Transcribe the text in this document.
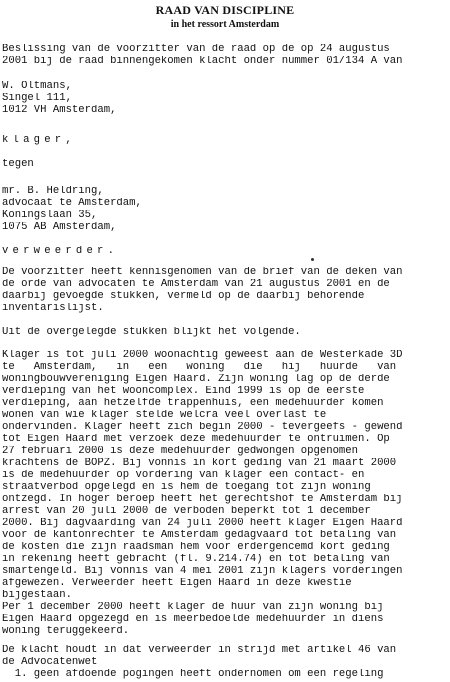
RAAD VAN DISCIPLINE
in het ressort Amsterdam
Beslissing van de voorzitter van de raad op de op 24 augustus
2001 bij de raad binnengekomen klacht onder nummer 01/134 A van
W. Oltmans,
Singel 111,
1012 VH Amsterdam,
klager,
tegen
mr. B. Heldring,
advocaat te Amsterdam,
Koningslaan 35,
1075 AB Amsterdam,
verweerder.
De voorzitter heeft kennisgenomen van de brief van de deken van
de orde van advocaten te Amsterdam van 21 augustus 2001 en de
daarbij gevoegde stukken, vermeld op de daarbij behorende
inventarislijst.
Uit de overgelegde stukken blijkt het volgende.
Klager is tot juli 2000 woonachtig geweest aan de Westerkade 3D
te   Amsterdam,   in   een   woning   die   hij   huurde   van
woningbouwvereniging Eigen Haard. Zijn woning lag op de derde
verdieping van het wooncomplex. Eind 1999 is op de eerste
verdieping, aan hetzelfde trappenhuis, een medehuurder komen
wonen van wie klager stelde welcra veel overlast te
ondervinden. Klager heeft zich begin 2000 - tevergeefs - gewend
tot Eigen Haard met verzoek deze medehuurder te ontruimen. Op
27 februari 2000 is deze medehuurder gedwongen opgenomen
krachtens de BOPZ. Bij vonnis in kort geding van 21 maart 2000
is de medehuurder op vordering van klager een contact- en
straatverbod opgelegd en is hem de toegang tot zijn woning
ontzegd. In hoger beroep heeft het gerechtshof te Amsterdam bij
arrest van 20 juli 2000 de verboden beperkt tot 1 december
2000. Bij dagvaarding van 24 juli 2000 heeft klager Eigen Haard
voor de kantonrechter te Amsterdam gedagvaard tot betaling van
de kosten die zijn raadsman hem voor erdergencemd kort geding
in rekening heeft gebracht (fl. 9.214.74) en tot betaling van
smartengeld. Bij vonnis van 4 mei 2001 zijn klagers vorderingen
afgewezen. Verweerder heeft Eigen Haard in deze kwestie
bijgestaan.
Per 1 december 2000 heeft klager de huur van zijn woning bij
Eigen Haard opgezegd en is meerbedoelde medehuurder in diens
woning teruggekeerd.
De klacht houdt in dat verweerder in strijd met artikel 46 van
de Advocatenwet
1. geen afdoende pogingen heeft ondernomen om een regeling
